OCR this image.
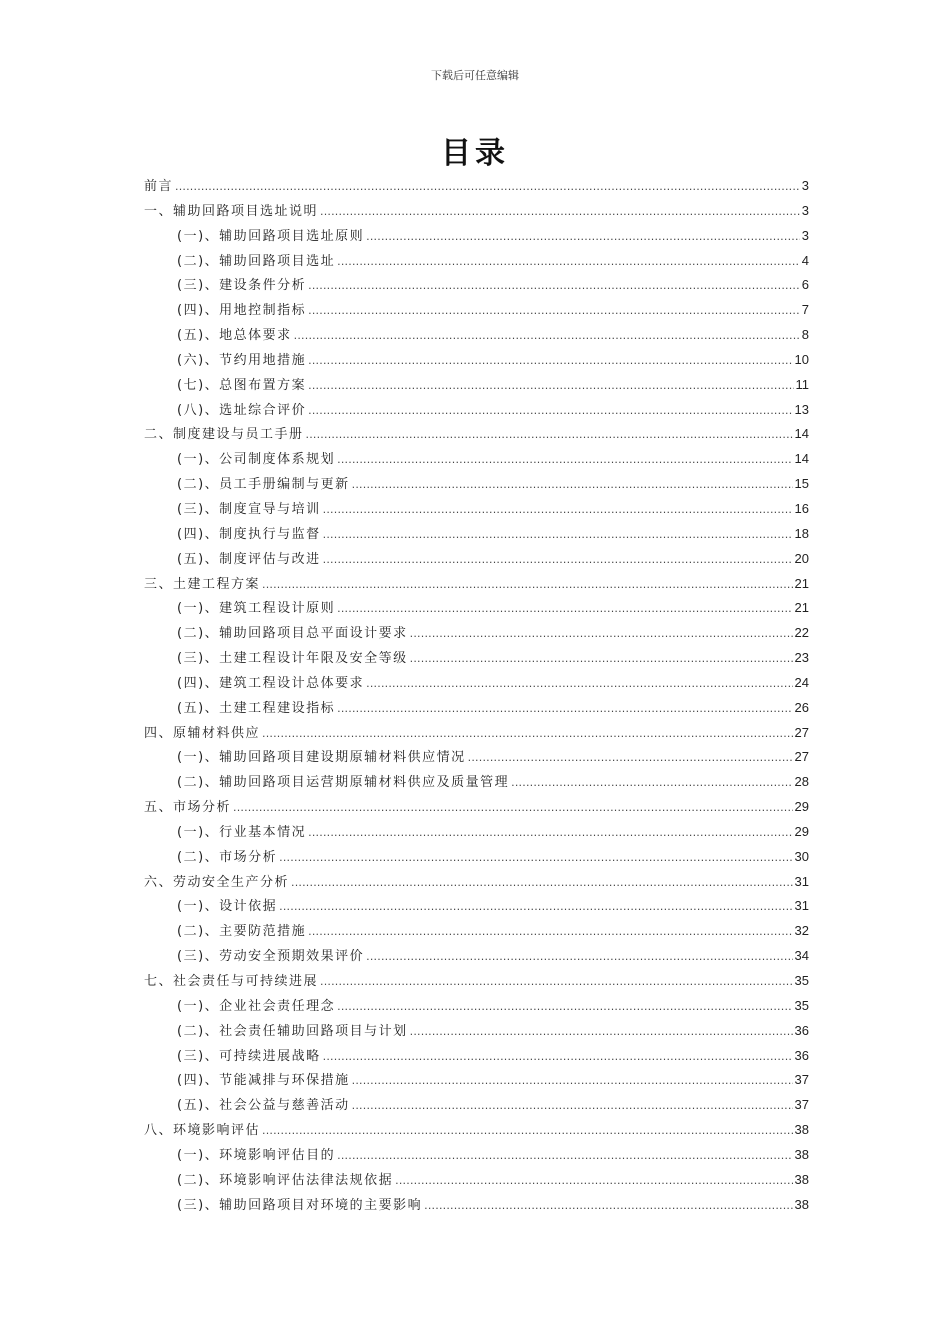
下载后可任意编辑
目录
前言 .....	3
一、辅助回路项目选址说明 .....	3
(一)、辅助回路项目选址原则 .....	3
(二)、辅助回路项目选址 .....	4
(三)、建设条件分析 .....	6
(四)、用地控制指标 .....	7
(五)、地总体要求 .....	8
(六)、节约用地措施 .....	10
(七)、总图布置方案 .....	11
(八)、选址综合评价 .....	13
二、制度建设与员工手册 .....	14
(一)、公司制度体系规划 .....	14
(二)、员工手册编制与更新 .....	15
(三)、制度宣导与培训 .....	16
(四)、制度执行与监督 .....	18
(五)、制度评估与改进 .....	20
三、土建工程方案 .....	21
(一)、建筑工程设计原则 .....	21
(二)、辅助回路项目总平面设计要求 .....	22
(三)、土建工程设计年限及安全等级 .....	23
(四)、建筑工程设计总体要求 .....	24
(五)、土建工程建设指标 .....	26
四、原辅材料供应 .....	27
(一)、辅助回路项目建设期原辅材料供应情况 .....	27
(二)、辅助回路项目运营期原辅材料供应及质量管理 .....	28
五、市场分析 .....	29
(一)、行业基本情况 .....	29
(二)、市场分析 .....	30
六、劳动安全生产分析 .....	31
(一)、设计依据 .....	31
(二)、主要防范措施 .....	32
(三)、劳动安全预期效果评价 .....	34
七、社会责任与可持续进展 .....	35
(一)、企业社会责任理念 .....	35
(二)、社会责任辅助回路项目与计划 .....	36
(三)、可持续进展战略 .....	36
(四)、节能减排与环保措施 .....	37
(五)、社会公益与慈善活动 .....	37
八、环境影响评估 .....	38
(一)、环境影响评估目的 .....	38
(二)、环境影响评估法律法规依据 .....	38
(三)、辅助回路项目对环境的主要影响 .....	38
